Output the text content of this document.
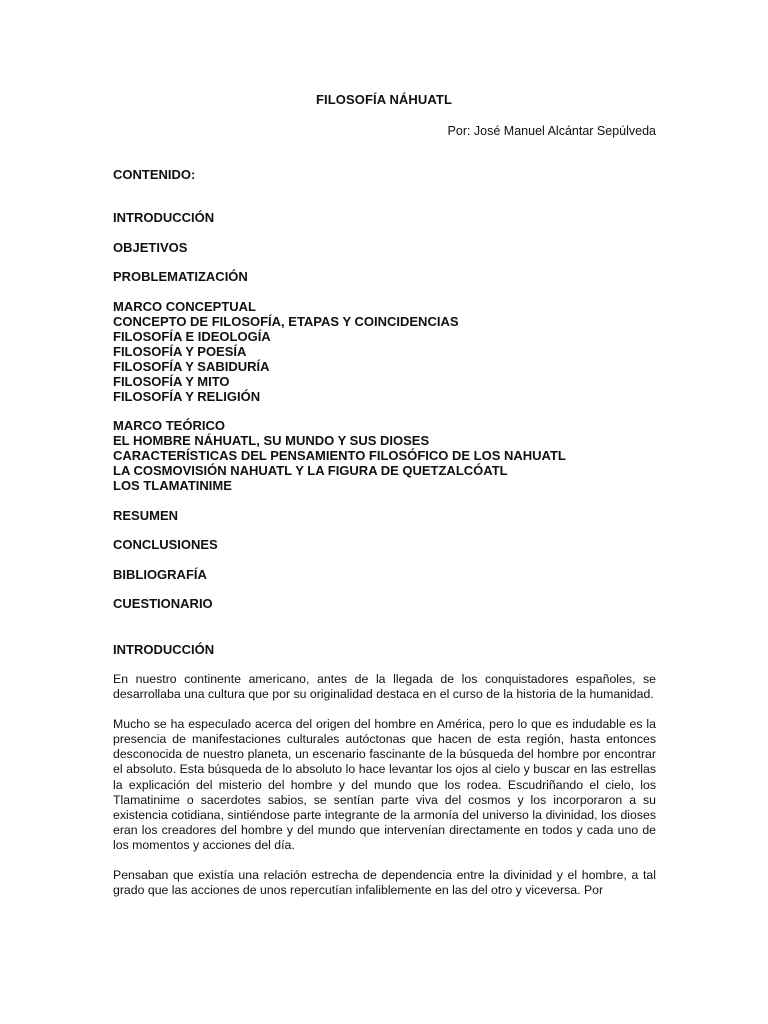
FILOSOFÍA NÁHUATL
Por: José Manuel Alcántar Sepúlveda
CONTENIDO:
INTRODUCCIÓN
OBJETIVOS
PROBLEMATIZACIÓN
MARCO CONCEPTUAL
CONCEPTO DE FILOSOFÍA, ETAPAS Y COINCIDENCIAS
FILOSOFÍA E IDEOLOGÍA
FILOSOFÍA Y POESÍA
FILOSOFÍA Y SABIDURÍA
FILOSOFÍA Y MITO
FILOSOFÍA Y RELIGIÓN
MARCO TEÓRICO
EL HOMBRE NÁHUATL, SU MUNDO Y SUS DIOSES
CARACTERÍSTICAS DEL PENSAMIENTO FILOSÓFICO DE LOS NAHUATL
LA COSMOVISIÓN NAHUATL Y LA FIGURA DE QUETZALCÓATL
LOS TLAMATINIME
RESUMEN
CONCLUSIONES
BIBLIOGRAFÍA
CUESTIONARIO
INTRODUCCIÓN

En nuestro continente americano, antes de la llegada de los conquistadores españoles, se desarrollaba una cultura que por su originalidad destaca en el curso de la historia de la humanidad.

Mucho se ha especulado acerca del origen del hombre en América, pero lo que es indudable es la presencia de manifestaciones culturales autóctonas que hacen de esta región, hasta entonces desconocida de nuestro planeta, un escenario fascinante de la búsqueda del hombre por encontrar el absoluto. Esta búsqueda de lo absoluto lo hace levantar los ojos al cielo y buscar en las estrellas la explicación del misterio del hombre y del mundo que los rodea. Escudriñando el cielo, los Tlamatinime o sacerdotes sabios, se sentían parte viva del cosmos y los incorporaron a su existencia cotidiana, sintiéndose parte integrante de la armonía del universo la divinidad, los dioses eran los creadores del hombre y del mundo que intervenían directamente en todos y cada uno de los momentos y acciones del día.

Pensaban que existía una relación estrecha de dependencia entre la divinidad y el hombre, a tal grado que las acciones de unos repercutían infaliblemente en las del otro y viceversa. Por
